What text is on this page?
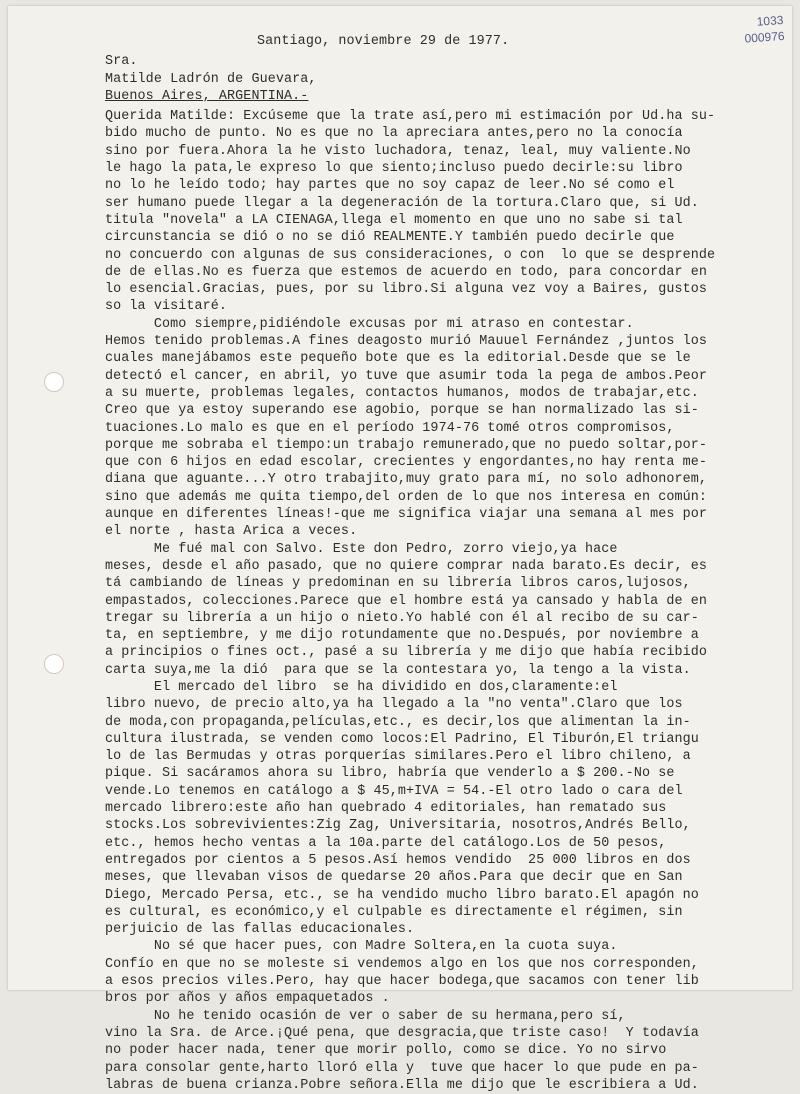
1033
000976
Santiago, noviembre 29 de 1977.
Sra.
Matilde Ladrón de Guevara,
Buenos Aires, ARGENTINA.-
Querida Matilde: Excúseme que la trate así,pero mi estimación por Ud.ha su-
bido mucho de punto. No es que no la apreciara antes,pero no la conocía
sino por fuera.Ahora la he visto luchadora, tenaz, leal, muy valiente.No
le hago la pata,le expreso lo que siento;incluso puedo decirle:su libro
no lo he leído todo; hay partes que no soy capaz de leer.No sé como el
ser humano puede llegar a la degeneración de la tortura.Claro que, si Ud.
titula "novela" a LA CIENAGA,llega el momento en que uno no sabe si tal
circunstancia se dió o no se dió REALMENTE.Y también puedo decirle que
no concuerdo con algunas de sus consideraciones, o con  lo que se desprende
de de ellas.No es fuerza que estemos de acuerdo en todo, para concordar en
lo esencial.Gracias, pues, por su libro.Si alguna vez voy a Baires, gustos
so la visitaré.
Como siempre,pidiéndole excusas por mi atraso en contestar.
Hemos tenido problemas.A fines deagosto murió Mauuel Fernández ,juntos los
cuales manejábamos este pequeño bote que es la editorial.Desde que se le
detectó el cancer, en abril, yo tuve que asumir toda la pega de ambos.Peor
a su muerte, problemas legales, contactos humanos, modos de trabajar,etc.
Creo que ya estoy superando ese agobio, porque se han normalizado las si-
tuaciones.Lo malo es que en el período 1974-76 tomé otros compromisos,
porque me sobraba el tiempo:un trabajo remunerado,que no puedo soltar,por-
que con 6 hijos en edad escolar, crecientes y engordantes,no hay renta me-
diana que aguante...Y otro trabajito,muy grato para mí, no solo adhonorem,
sino que además me quita tiempo,del orden de lo que nos interesa en común:
aunque en diferentes líneas!-que me significa viajar una semana al mes por
el norte , hasta Arica a veces.
Me fué mal con Salvo. Este don Pedro, zorro viejo,ya hace
meses, desde el año pasado, que no quiere comprar nada barato.Es decir, es
tá cambiando de líneas y predominan en su librería libros caros,lujosos,
empastados, colecciones.Parece que el hombre está ya cansado y habla de en
tregar su librería a un hijo o nieto.Yo hablé con él al recibo de su car-
ta, en septiembre, y me dijo rotundamente que no.Después, por noviembre a
a principios o fines oct., pasé a su librería y me dijo que había recibido
carta suya,me la dió  para que se la contestara yo, la tengo a la vista.
El mercado del libro  se ha dividido en dos,claramente:el
libro nuevo, de precio alto,ya ha llegado a la "no venta".Claro que los
de moda,con propaganda,películas,etc., es decir,los que alimentan la in-
cultura ilustrada, se venden como locos:El Padrino, El Tiburón,El triangu
lo de las Bermudas y otras porquerías similares.Pero el libro chileno, a
pique. Si sacáramos ahora su libro, habría que venderlo a $ 200.-No se
vende.Lo tenemos en catálogo a $ 45,m+IVA = 54.-El otro lado o cara del
mercado librero:este año han quebrado 4 editoriales, han rematado sus
stocks.Los sobrevivientes:Zig Zag, Universitaria, nosotros,Andrés Bello,
etc., hemos hecho ventas a la 10a.parte del catálogo.Los de 50 pesos,
entregados por cientos a 5 pesos.Así hemos vendido  25 000 libros en dos
meses, que llevaban visos de quedarse 20 años.Para que decir que en San
Diego, Mercado Persa, etc., se ha vendido mucho libro barato.El apagón no
es cultural, es económico,y el culpable es directamente el régimen, sin
perjuicio de las fallas educacionales.
No sé que hacer pues, con Madre Soltera,en la cuota suya.
Confío en que no se moleste si vendemos algo en los que nos corresponden,
a esos precios viles.Pero, hay que hacer bodega,que sacamos con tener lib
bros por años y años empaquetados .
No he tenido ocasión de ver o saber de su hermana,pero sí,
vino la Sra. de Arce.¡Qué pena, que desgracia,que triste caso!  Y todavía
no poder hacer nada, tener que morir pollo, como se dice. Yo no sirvo
para consolar gente,harto lloró ella y  tuve que hacer lo que pude en pa-
labras de buena crianza.Pobre señora.Ella me dijo que le escribiera a Ud.
